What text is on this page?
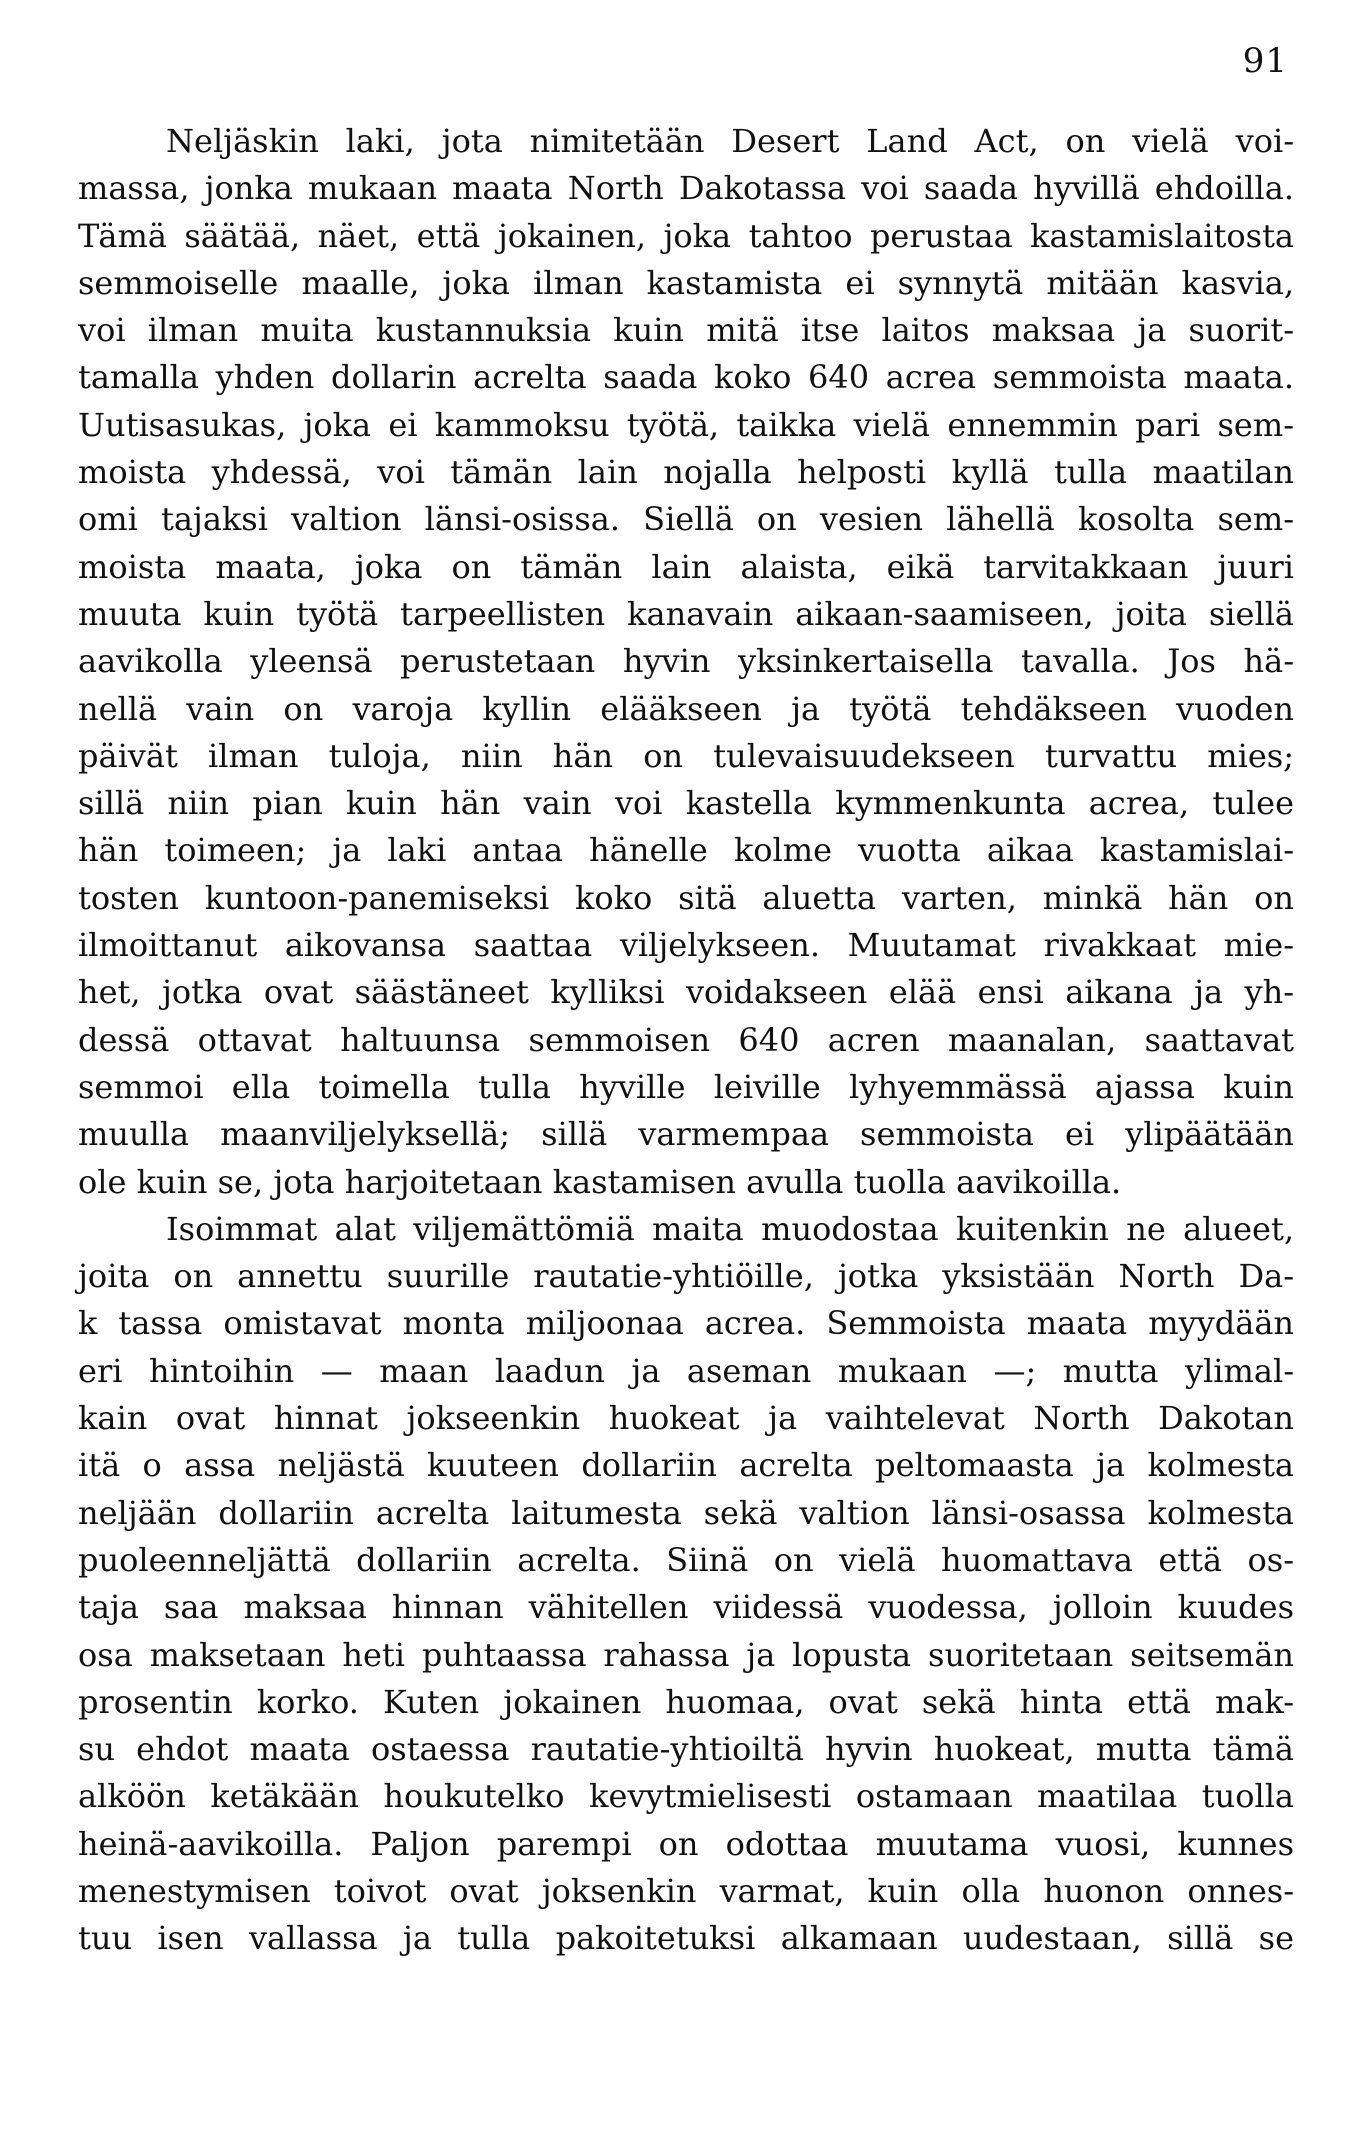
91
Neljäskin laki, jota nimitetään Desert Land Act, on vielä voi-
massa, jonka mukaan maata North Dakotassa voi saada hyvillä ehdoilla.
Tämä säätää, näet, että jokainen, joka tahtoo perustaa kastamislaitosta
semmoiselle maalle, joka ilman kastamista ei synnytä mitään kasvia,
voi ilman muita kustannuksia kuin mitä itse laitos maksaa ja suorit-
tamalla yhden dollarin acrelta saada koko 640 acrea semmoista maata.
Uutisasukas, joka ei kammoksu työtä, taikka vielä ennemmin pari sem-
moista yhdessä, voi tämän lain nojalla helposti kyllä tulla maatilan
omi tajaksi valtion länsi-osissa. Siellä on vesien lähellä kosolta sem-
moista maata, joka on tämän lain alaista, eikä tarvitakkaan juuri
muuta kuin työtä tarpeellisten kanavain aikaan-saamiseen, joita siellä
aavikolla yleensä perustetaan hyvin yksinkertaisella tavalla. Jos hä-
nellä vain on varoja kyllin elääkseen ja työtä tehdäkseen vuoden
päivät ilman tuloja, niin hän on tulevaisuudekseen turvattu mies;
sillä niin pian kuin hän vain voi kastella kymmenkunta acrea, tulee
hän toimeen; ja laki antaa hänelle kolme vuotta aikaa kastamislai-
tosten kuntoon-panemiseksi koko sitä aluetta varten, minkä hän on
ilmoittanut aikovansa saattaa viljelykseen. Muutamat rivakkaat mie-
het, jotka ovat säästäneet kylliksi voidakseen elää ensi aikana ja yh-
dessä ottavat haltuunsa semmoisen 640 acren maanalan, saattavat
semmoi ella toimella tulla hyville leiville lyhyemmässä ajassa kuin
muulla maanviljelyksellä; sillä varmempaa semmoista ei ylipäätään
ole kuin se, jota harjoitetaan kastamisen avulla tuolla aavikoilla.
Isoimmat alat viljemättömiä maita muodostaa kuitenkin ne alueet,
joita on annettu suurille rautatie-yhtiöille, jotka yksistään North Da-
k tassa omistavat monta miljoonaa acrea. Semmoista maata myydään
eri hintoihin — maan laadun ja aseman mukaan —; mutta ylimal-
kain ovat hinnat jokseenkin huokeat ja vaihtelevat North Dakotan
itä o assa neljästä kuuteen dollariin acrelta peltomaasta ja kolmesta
neljään dollariin acrelta laitumesta sekä valtion länsi-osassa kolmesta
puoleenneljättä dollariin acrelta. Siinä on vielä huomattava että os-
taja saa maksaa hinnan vähitellen viidessä vuodessa, jolloin kuudes
osa maksetaan heti puhtaassa rahassa ja lopusta suoritetaan seitsemän
prosentin korko. Kuten jokainen huomaa, ovat sekä hinta että mak-
su ehdot maata ostaessa rautatie-yhtioiltä hyvin huokeat, mutta tämä
alköön ketäkään houkutelko kevytmielisesti ostamaan maatilaa tuolla
heinä-aavikoilla. Paljon parempi on odottaa muutama vuosi, kunnes
menestymisen toivot ovat joksenkin varmat, kuin olla huonon onnes-
tuu isen vallassa ja tulla pakoitetuksi alkamaan uudestaan, sillä se
